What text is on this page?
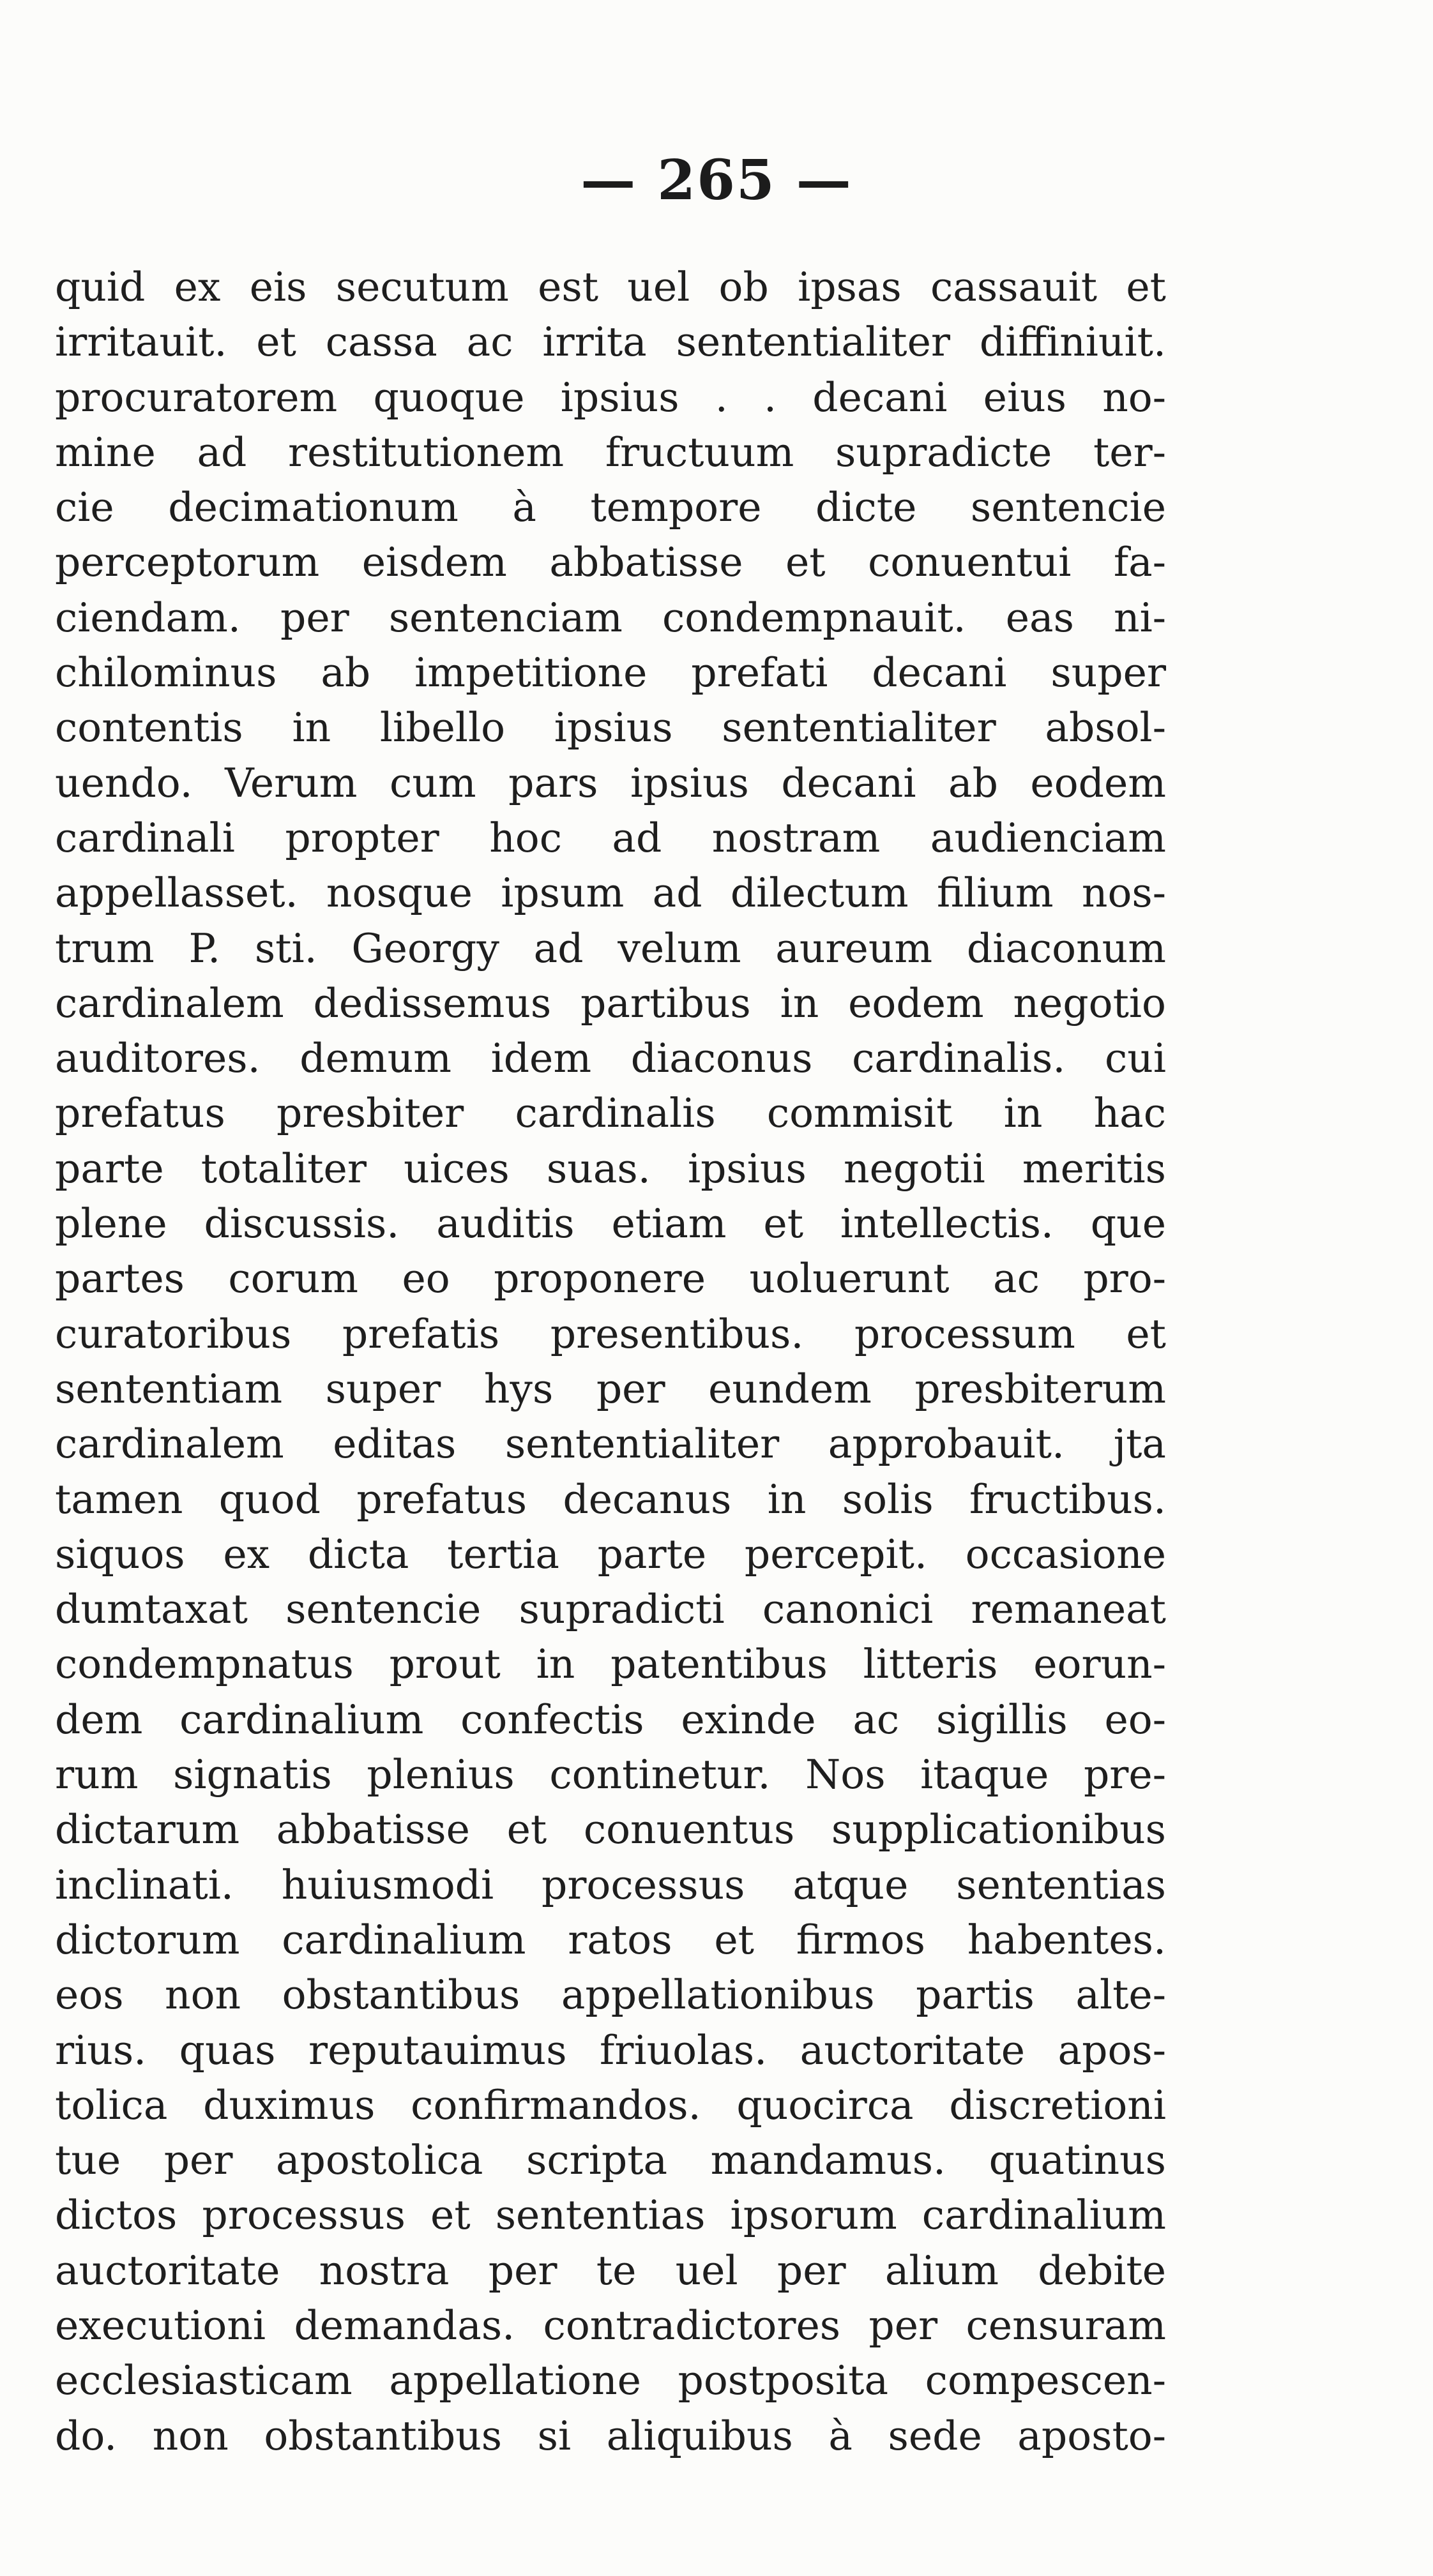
— 265 —
quid ex eis secutum est uel ob ipsas cassauit et
irritauit. et cassa ac irrita sententialiter diffiniuit.
procuratorem quoque ipsius . . decani eius no-
mine ad restitutionem fructuum supradicte ter-
cie decimationum à tempore dicte sentencie
perceptorum eisdem abbatisse et conuentui fa-
ciendam. per sentenciam condempnauit. eas ni-
chilominus ab impetitione prefati decani super
contentis in libello ipsius sententialiter absol-
uendo. Verum cum pars ipsius decani ab eodem
cardinali propter hoc ad nostram audienciam
appellasset. nosque ipsum ad dilectum filium nos-
trum P. sti. Georgy ad velum aureum diaconum
cardinalem dedissemus partibus in eodem negotio
auditores. demum idem diaconus cardinalis. cui
prefatus presbiter cardinalis commisit in hac
parte totaliter uices suas. ipsius negotii meritis
plene discussis. auditis etiam et intellectis. que
partes corum eo proponere uoluerunt ac pro-
curatoribus prefatis presentibus. processum et
sententiam super hys per eundem presbiterum
cardinalem editas sententialiter approbauit. jta
tamen quod prefatus decanus in solis fructibus.
siquos ex dicta tertia parte percepit. occasione
dumtaxat sentencie supradicti canonici remaneat
condempnatus prout in patentibus litteris eorun-
dem cardinalium confectis exinde ac sigillis eo-
rum signatis plenius continetur. Nos itaque pre-
dictarum abbatisse et conuentus supplicationibus
inclinati. huiusmodi processus atque sententias
dictorum cardinalium ratos et firmos habentes.
eos non obstantibus appellationibus partis alte-
rius. quas reputauimus friuolas. auctoritate apos-
tolica duximus confirmandos. quocirca discretioni
tue per apostolica scripta mandamus. quatinus
dictos processus et sententias ipsorum cardinalium
auctoritate nostra per te uel per alium debite
executioni demandas. contradictores per censuram
ecclesiasticam appellatione postposita compescen-
do. non obstantibus si aliquibus à sede aposto-
